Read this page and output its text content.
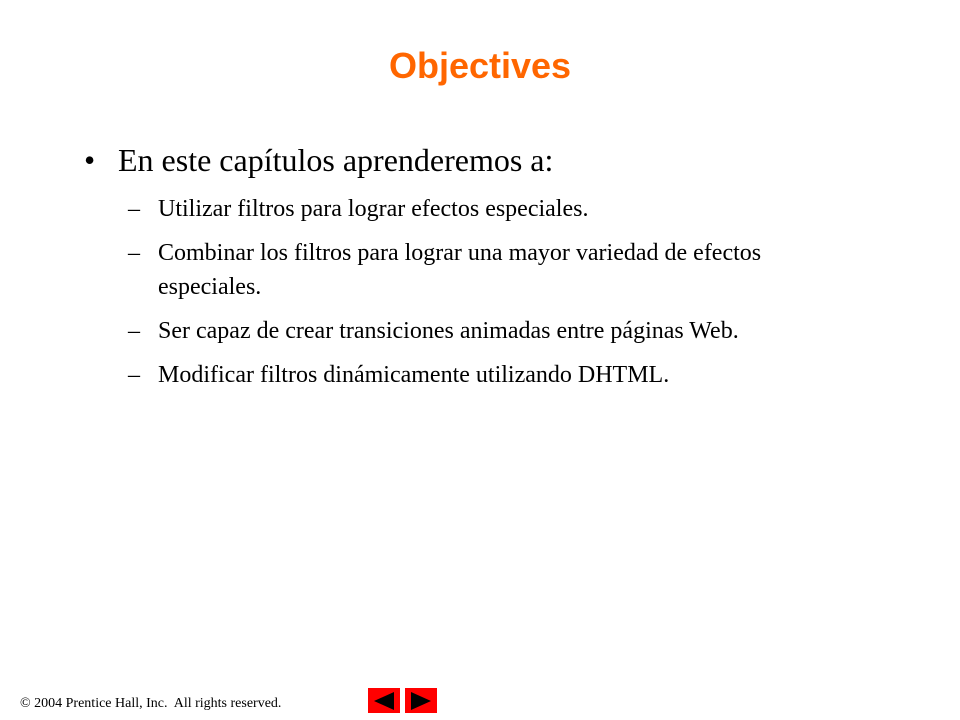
Objectives
• En este capítulos aprenderemos a:
– Utilizar filtros para lograr efectos especiales.
– Combinar los filtros para lograr una mayor variedad de efectos especiales.
– Ser capaz de crear transiciones animadas entre páginas Web.
– Modificar filtros dinámicamente utilizando DHTML.
© 2004 Prentice Hall, Inc.  All rights reserved.
